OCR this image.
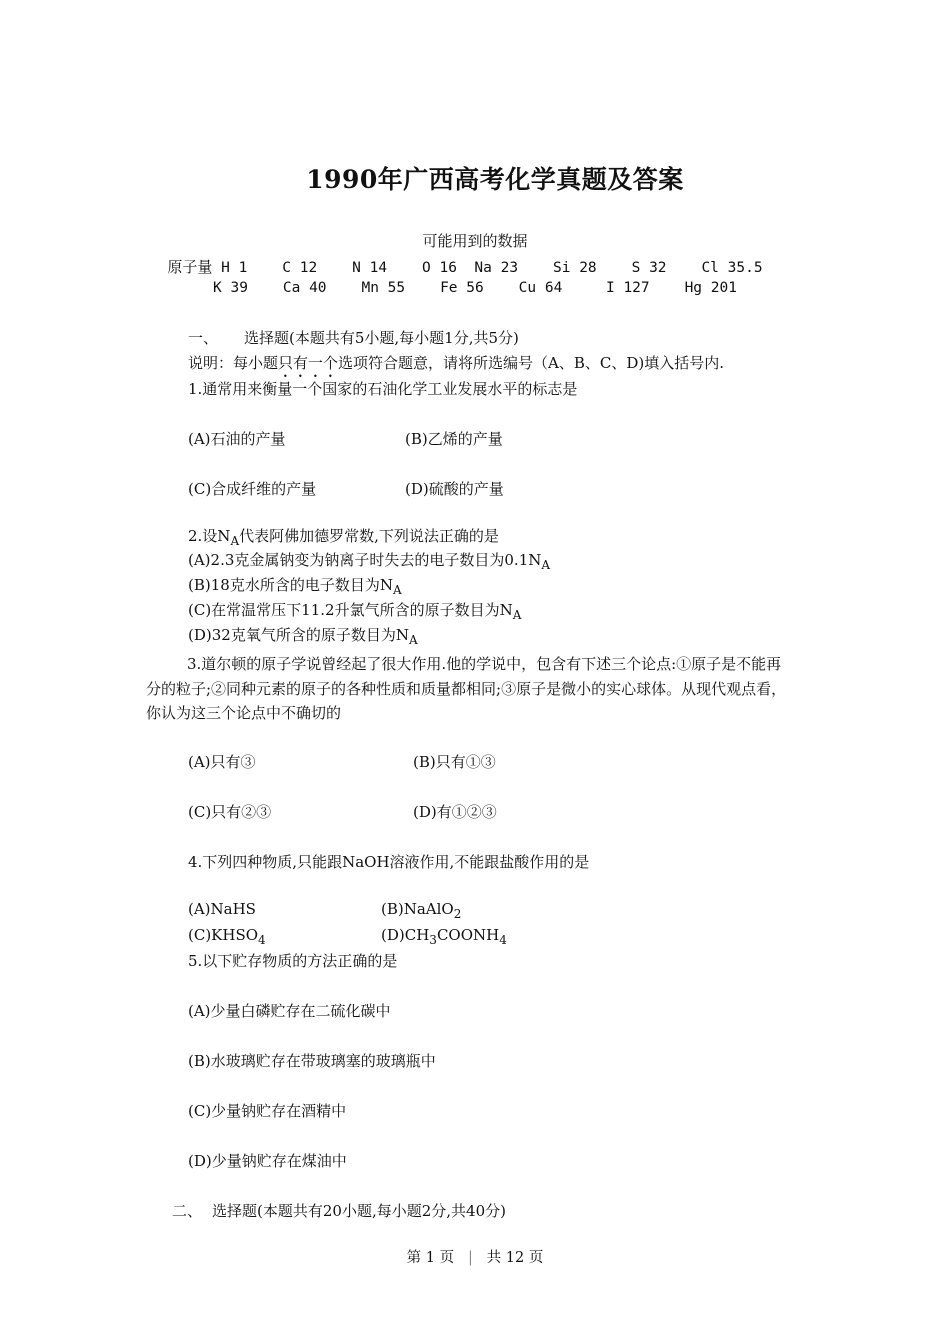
1990年广西高考化学真题及答案
可能用到的数据
原子量 H 1 C 12 N 14 O 16 Na 23 Si 28 S 32 Cl 35.5
K 39 Ca 40 Mn 55 Fe 56 Cu 64	I 127 Hg 201
一、 选择题(本题共有5小题,每小题1分,共5分)
说明：每小题只有一个选项符合题意，请将所选编号（A、B、C、D)填入括号内.
1.通常用来衡量一个国家的石油化学工业发展水平的标志是
(A)石油的产量	(B)乙烯的产量
(C)合成纤维的产量	(D)硫酸的产量
2.设$N_A$代表阿佛加德罗常数,下列说法正确的是
(A)2.3克金属钠变为钠离子时失去的电子数目为$0.1N_A$
(B)18克水所含的电子数目为$N_A$
(C)在常温常压下11.2升氯气所含的原子数目为$N_A$
(D)32克氧气所含的原子数目为$N_A$
3.道尔顿的原子学说曾经起了很大作用.他的学说中，包含有下述三个论点:①原子是不能再分的粒子;②同种元素的原子的各种性质和质量都相同;③原子是微小的实心球体。从现代观点看，你认为这三个论点中不确切的
(A)只有③	(B)只有①③
(C)只有②③	(D)有①②③
4.下列四种物质,只能跟NaOH溶液作用,不能跟盐酸作用的是
(A)NaHS	(B)NaAlO$_2$
$(C)KHSO_4$	$(D)CH_3COONH_4$
5.以下贮存物质的方法正确的是
(A)少量白磷贮存在二硫化碳中
(B)水玻璃贮存在带玻璃塞的玻璃瓶中
(C)少量钠贮存在酒精中
(D)少量钠贮存在煤油中
二、 选择题(本题共有20小题,每小题2分,共40分)
第 1 页 | 共 12 页
